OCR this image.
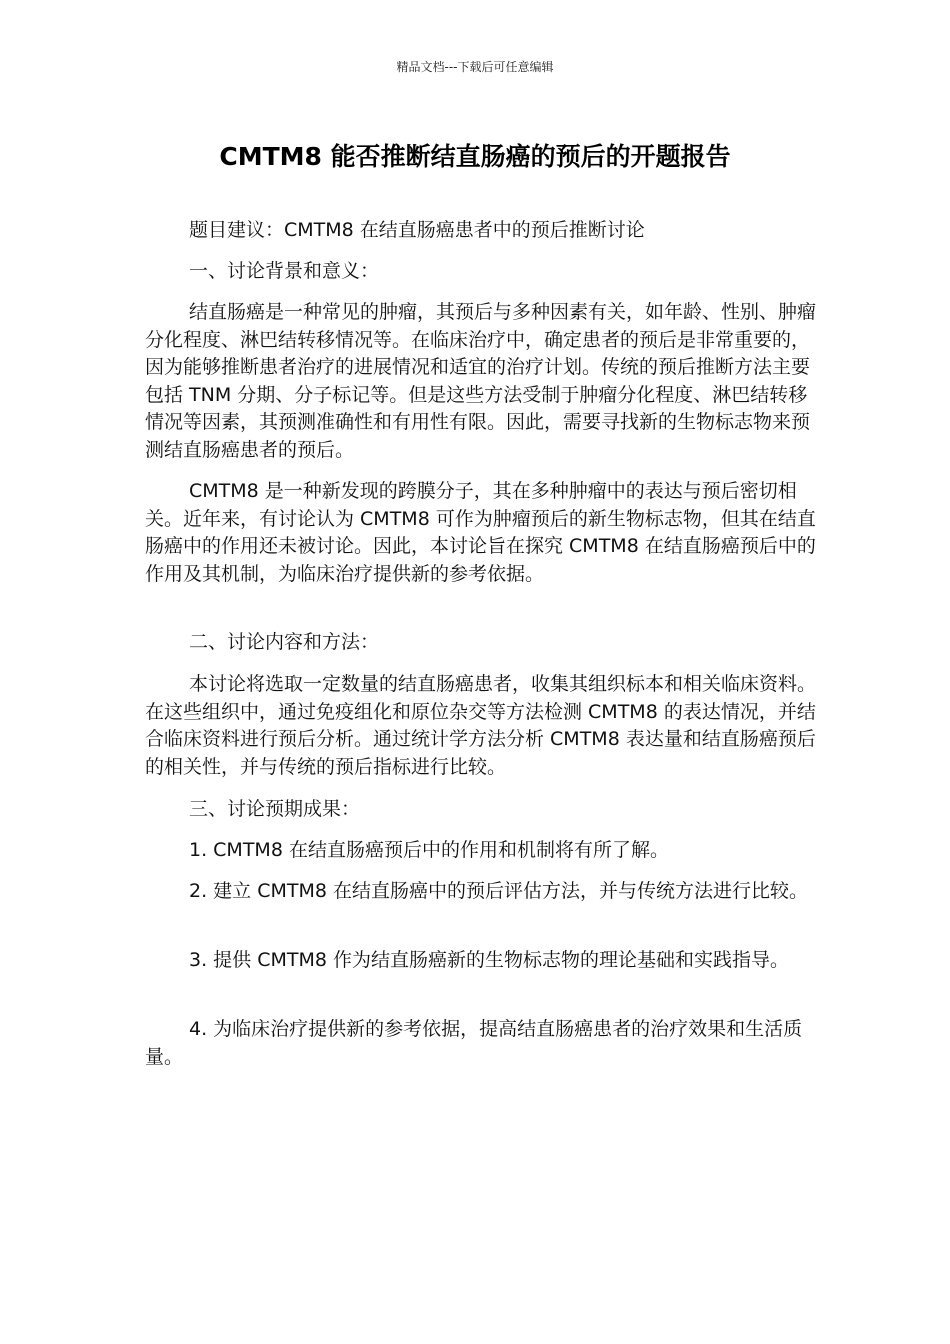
精品文档---下载后可任意编辑
CMTM8 能否推断结直肠癌的预后的开题报告

题目建议：CMTM8 在结直肠癌患者中的预后推断讨论

一、讨论背景和意义：

结直肠癌是一种常见的肿瘤，其预后与多种因素有关，如年龄、性别、肿瘤分化程度、淋巴结转移情况等。在临床治疗中，确定患者的预后是非常重要的，因为能够推断患者治疗的进展情况和适宜的治疗计划。传统的预后推断方法主要包括 TNM 分期、分子标记等。但是这些方法受制于肿瘤分化程度、淋巴结转移情况等因素，其预测准确性和有用性有限。因此，需要寻找新的生物标志物来预测结直肠癌患者的预后。

CMTM8 是一种新发现的跨膜分子，其在多种肿瘤中的表达与预后密切相关。近年来，有讨论认为 CMTM8 可作为肿瘤预后的新生物标志物，但其在结直肠癌中的作用还未被讨论。因此，本讨论旨在探究 CMTM8 在结直肠癌预后中的作用及其机制，为临床治疗提供新的参考依据。

二、讨论内容和方法：

本讨论将选取一定数量的结直肠癌患者，收集其组织标本和相关临床资料。在这些组织中，通过免疫组化和原位杂交等方法检测 CMTM8 的表达情况，并结合临床资料进行预后分析。通过统计学方法分析 CMTM8 表达量和结直肠癌预后的相关性，并与传统的预后指标进行比较。

三、讨论预期成果：

1. CMTM8 在结直肠癌预后中的作用和机制将有所了解。

2. 建立 CMTM8 在结直肠癌中的预后评估方法，并与传统方法进行比较。

3. 提供 CMTM8 作为结直肠癌新的生物标志物的理论基础和实践指导。

4. 为临床治疗提供新的参考依据，提高结直肠癌患者的治疗效果和生活质量。
